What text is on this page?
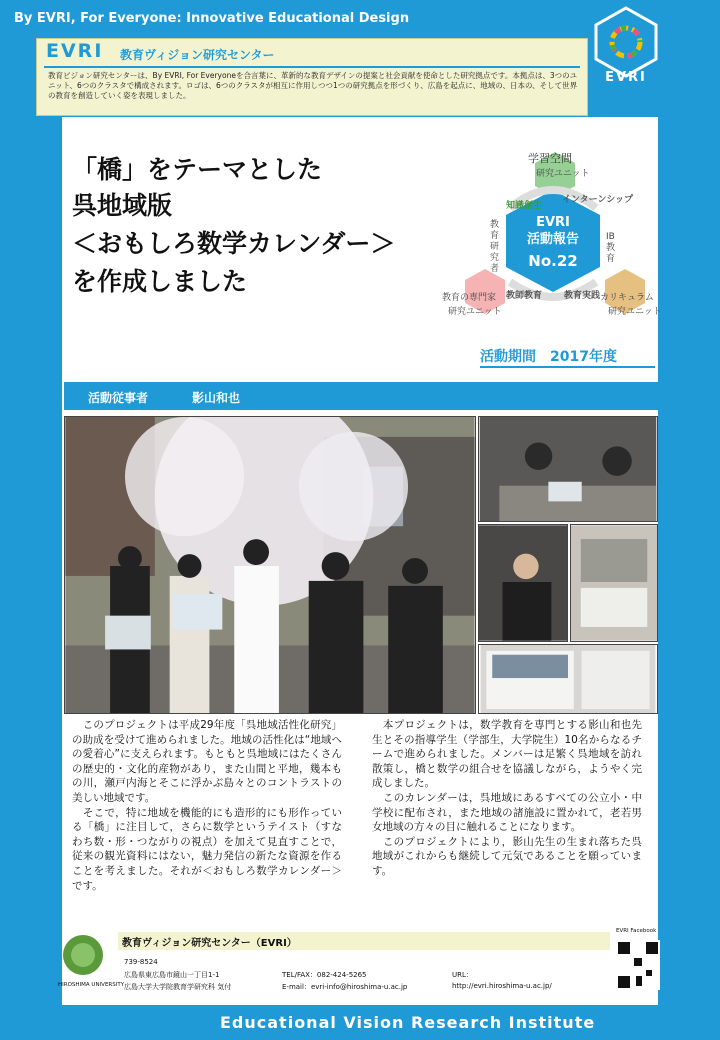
By EVRI, For Everyone: Innovative Educational Design
EVRI 教育ヴィジョン研究センター
教育ビジョン研究センターは、By EVRI, For Everyoneを合言葉に、革新的な教育デザインの提案と社会貢献を使命とした研究拠点です。本拠点は、3つのユニット、6つのクラスタで構成されます。ロゴは、6つのクラスタが相互に作用しつつ1つの研究拠点を形づくり、広島を起点に、地域の、日本の、そして世界の教育を創造していく姿を表現しました。
EVRI
「橋」をテーマとした
呉地域版
＜おもしろ数学カレンダー＞
を作成しました
学習空間
研究ユニット
教育の専門家
研究ユニット
カリキュラム
研究ユニット
教育研究者
IB教育
知識創生
インターンシップ
教師教育 教育実践
EVRI
活動報告
No.22
活動期間　 2017年度
活動従事者	影山和也
　このプロジェクトは平成29年度「呉地域活性化研究」の助成を受けて進められました。地域の活性化は“地域への愛着心”に支えられます。もともと呉地域にはたくさんの歴史的・文化的産物があり，また山間と平地，幾本もの川，瀬戸内海とそこに浮かぶ島々とのコントラストの美しい地域です。
　そこで，特に地域を機能的にも造形的にも形作っている「橋」に注目して，さらに数学というテイスト（すなわち数・形・つながりの視点）を加えて見直すことで，従来の観光資料にはない，魅力発信の新たな資源を作ることを考えました。それが＜おもしろ数学カレンダー＞です。
　本プロジェクトは，数学教育を専門とする影山和也先生とその指導学生（学部生，大学院生）10名からなるチームで進められました。メンバーは足繁く呉地域を訪れ散策し，橋と数学の組合せを協議しながら，ようやく完成しました。
　このカレンダーは，呉地域にあるすべての公立小・中学校に配布され，また地域の諸施設に置かれて，老若男女地域の方々の目に触れることになります。
　このプロジェクトにより，影山先生の生まれ落ちた呉地域がこれからも継続して元気であることを願っています。
HIROSHIMA UNIVERSITY
教育ヴィジョン研究センター（EVRI）
739-8524
広島県東広島市鏡山一丁目1-1
広島大学大学院教育学研究科 気付
TEL/FAX：082-424-5265
E-mail：evri-info@hiroshima-u.ac.jp
URL：
http://evri.hiroshima-u.ac.jp/
EVRI Facebook
Educational Vision Research Institute
